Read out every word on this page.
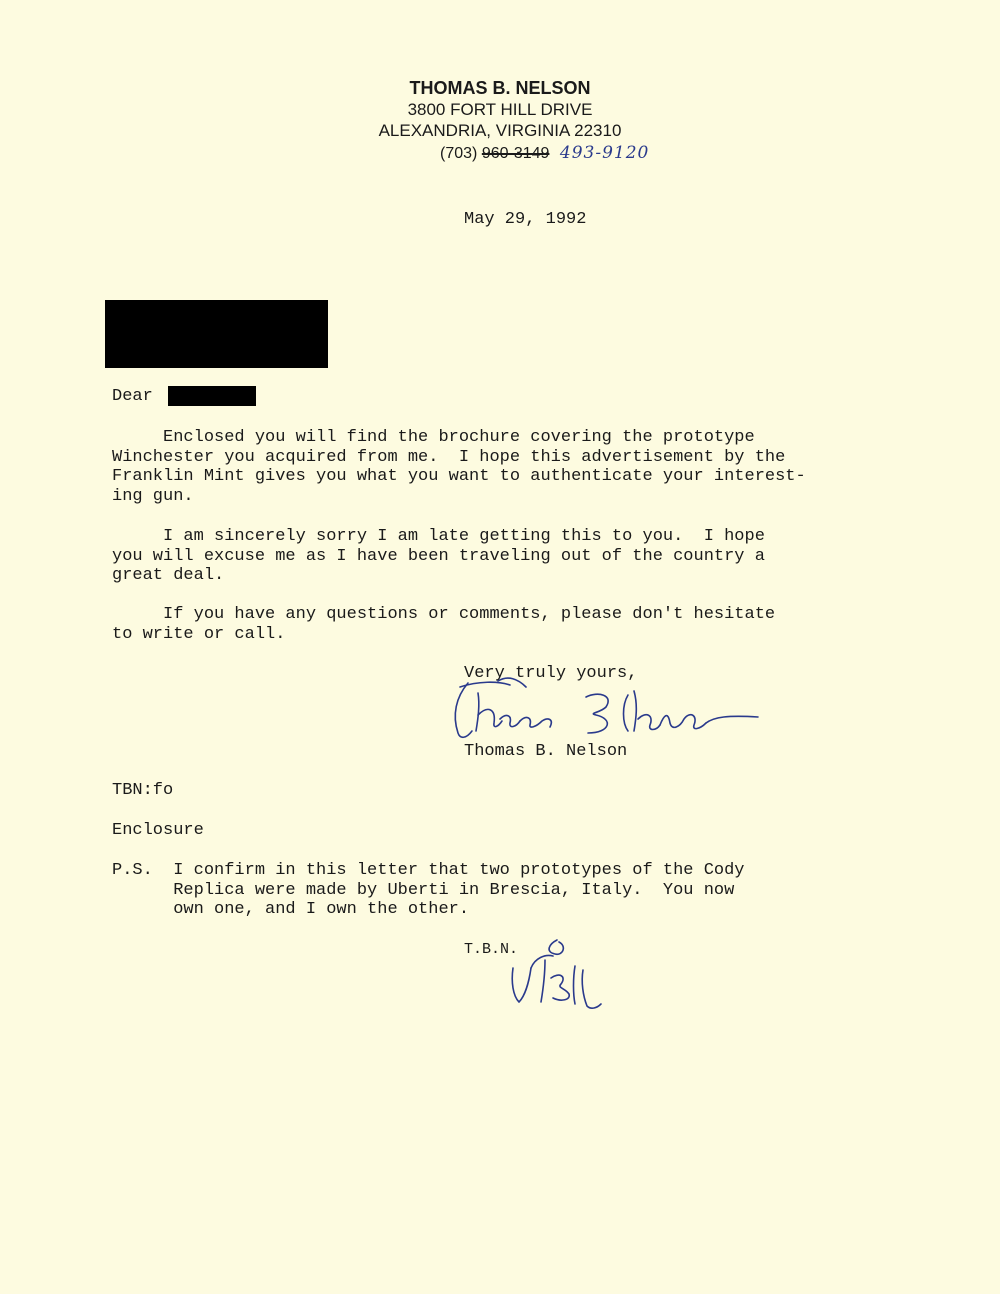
THOMAS B. NELSON
3800 FORT HILL DRIVE
ALEXANDRIA, VIRGINIA 22310
(703) 960-3149 493-9120
May 29, 1992
Dear
Enclosed you will find the brochure covering the prototype
Winchester you acquired from me.  I hope this advertisement by the
Franklin Mint gives you what you want to authenticate your interest-
ing gun.
I am sincerely sorry I am late getting this to you.  I hope
you will excuse me as I have been traveling out of the country a
great deal.
If you have any questions or comments, please don't hesitate
to write or call.
Very truly yours,
Thomas B. Nelson
TBN:fo
Enclosure
P.S.  I confirm in this letter that two prototypes of the Cody
Replica were made by Uberti in Brescia, Italy.  You now
own one, and I own the other.
T.B.N.
